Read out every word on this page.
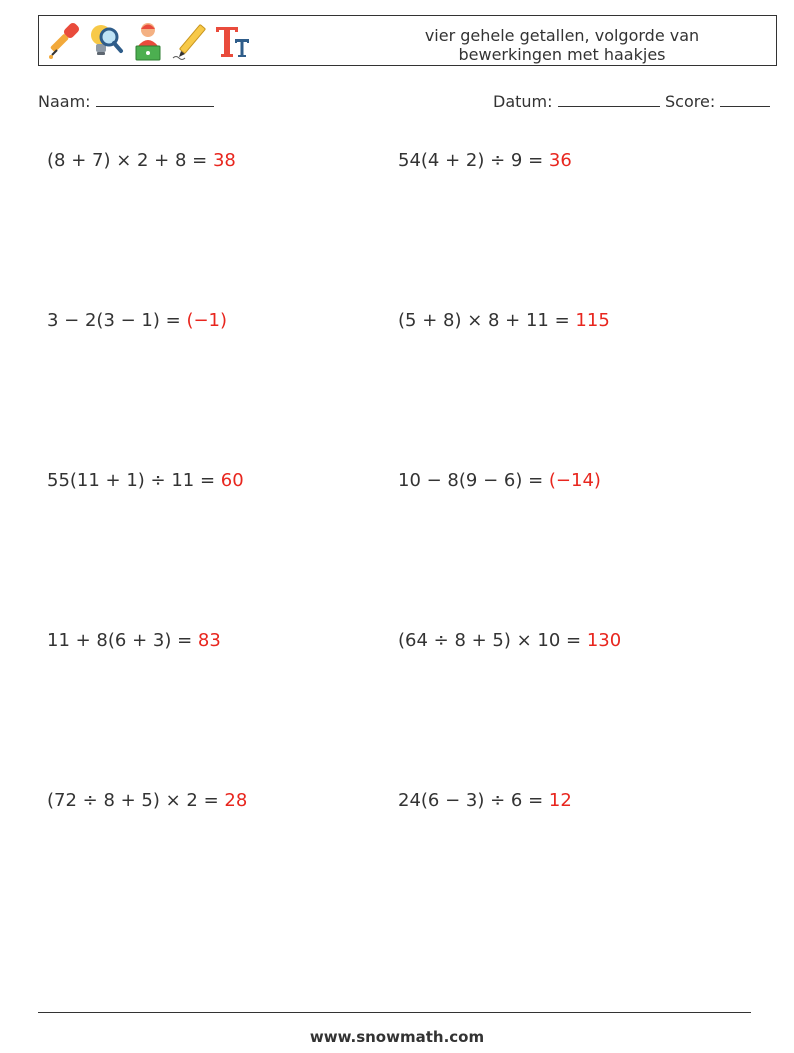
vier gehele getallen, volgorde van
bewerkingen met haakjes
Naam:	Datum:	Score:
(8 + 7) × 2 + 8 = 38	54(4 + 2) ÷ 9 = 36
3 − 2(3 − 1) = (−1)	(5 + 8) × 8 + 11 = 115
55(11 + 1) ÷ 11 = 60	10 − 8(9 − 6) = (−14)
11 + 8(6 + 3) = 83	(64 ÷ 8 + 5) × 10 = 130
(72 ÷ 8 + 5) × 2 = 28	24(6 − 3) ÷ 6 = 12
www.snowmath.com
